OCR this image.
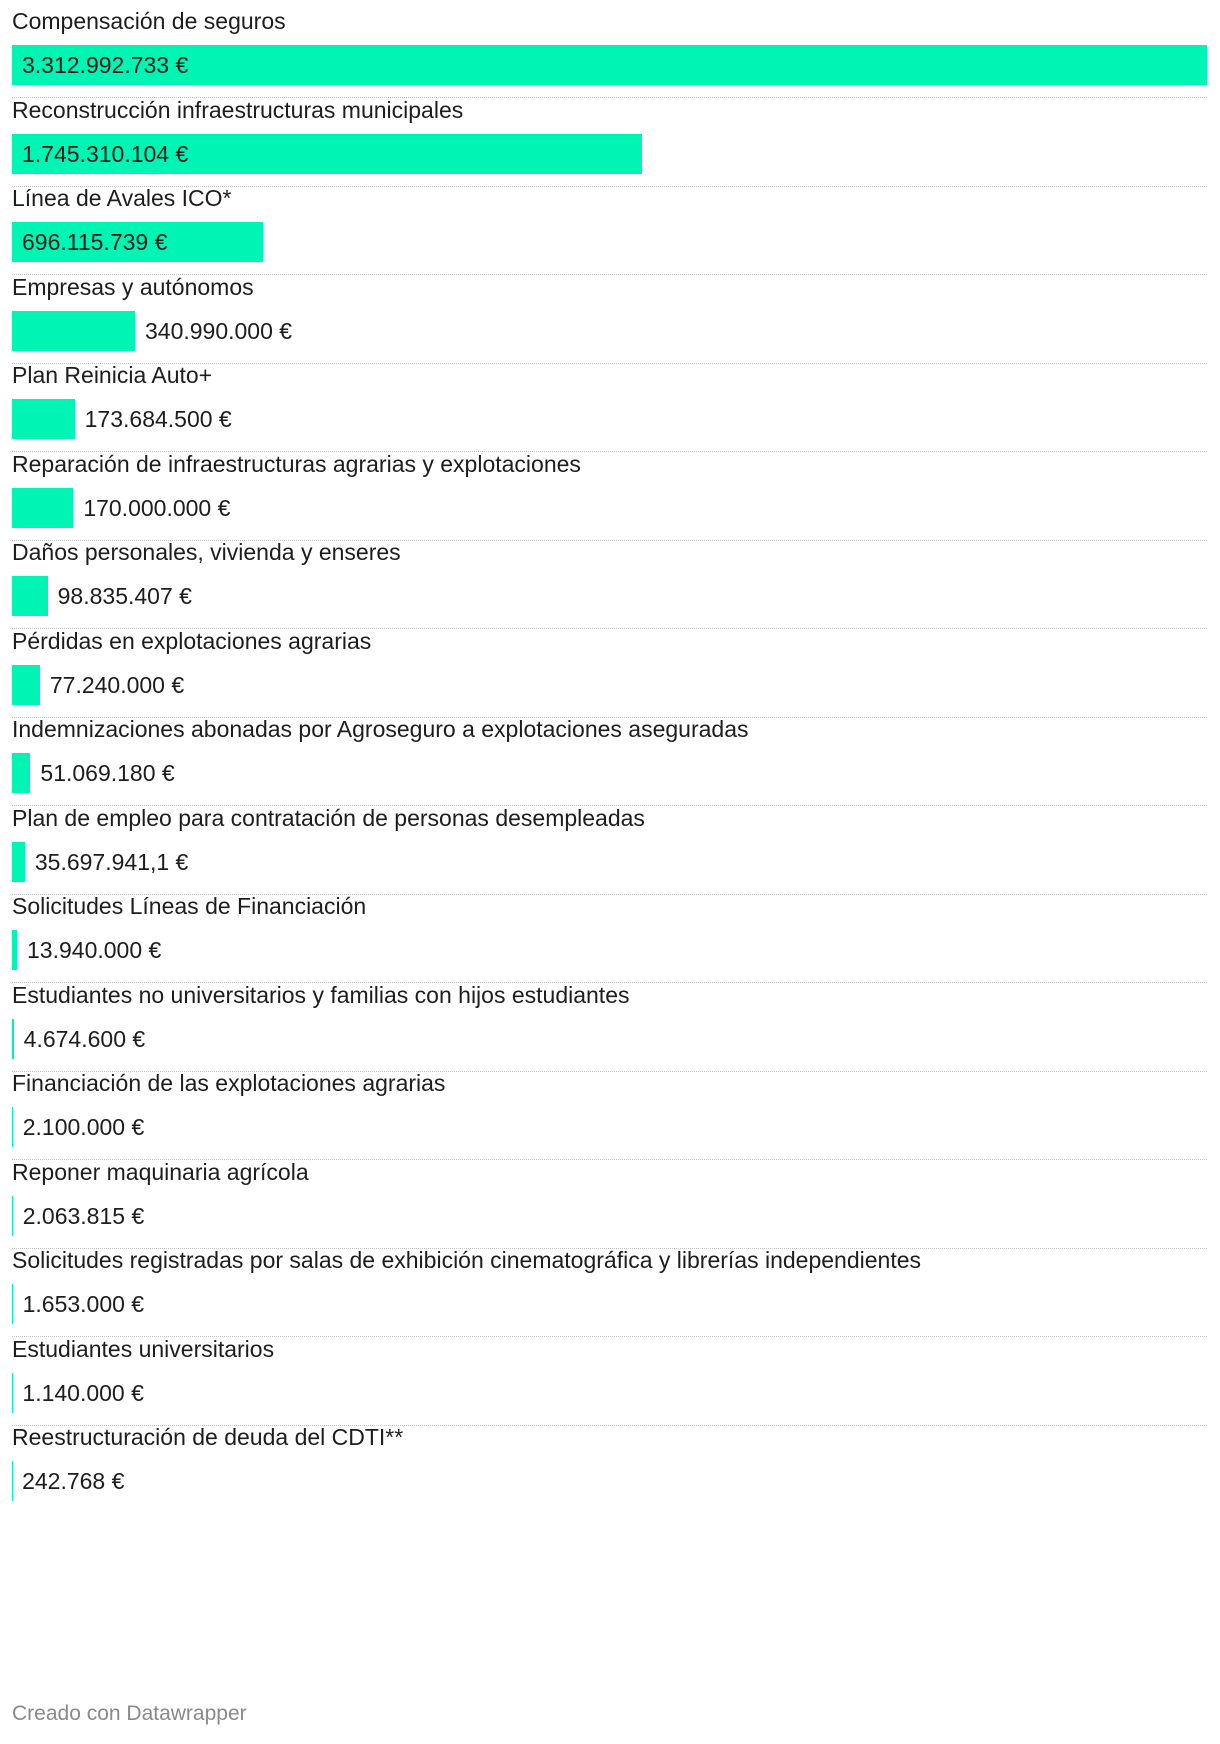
Compensación de seguros
3.312.992.733 €
Reconstrucción infraestructuras municipales
1.745.310.104 €
Línea de Avales ICO*
696.115.739 €
Empresas y autónomos
340.990.000 €
Plan Reinicia Auto+
173.684.500 €
Reparación de infraestructuras agrarias y explotaciones
170.000.000 €
Daños personales, vivienda y enseres
98.835.407 €
Pérdidas en explotaciones agrarias
77.240.000 €
Indemnizaciones abonadas por Agroseguro a explotaciones aseguradas
51.069.180 €
Plan de empleo para contratación de personas desempleadas
35.697.941,1 €
Solicitudes Líneas de Financiación
13.940.000 €
Estudiantes no universitarios y familias con hijos estudiantes
4.674.600 €
Financiación de las explotaciones agrarias
2.100.000 €
Reponer maquinaria agrícola
2.063.815 €
Solicitudes registradas por salas de exhibición cinematográfica y librerías independientes
1.653.000 €
Estudiantes universitarios
1.140.000 €
Reestructuración de deuda del CDTI**
242.768 €
Creado con Datawrapper
